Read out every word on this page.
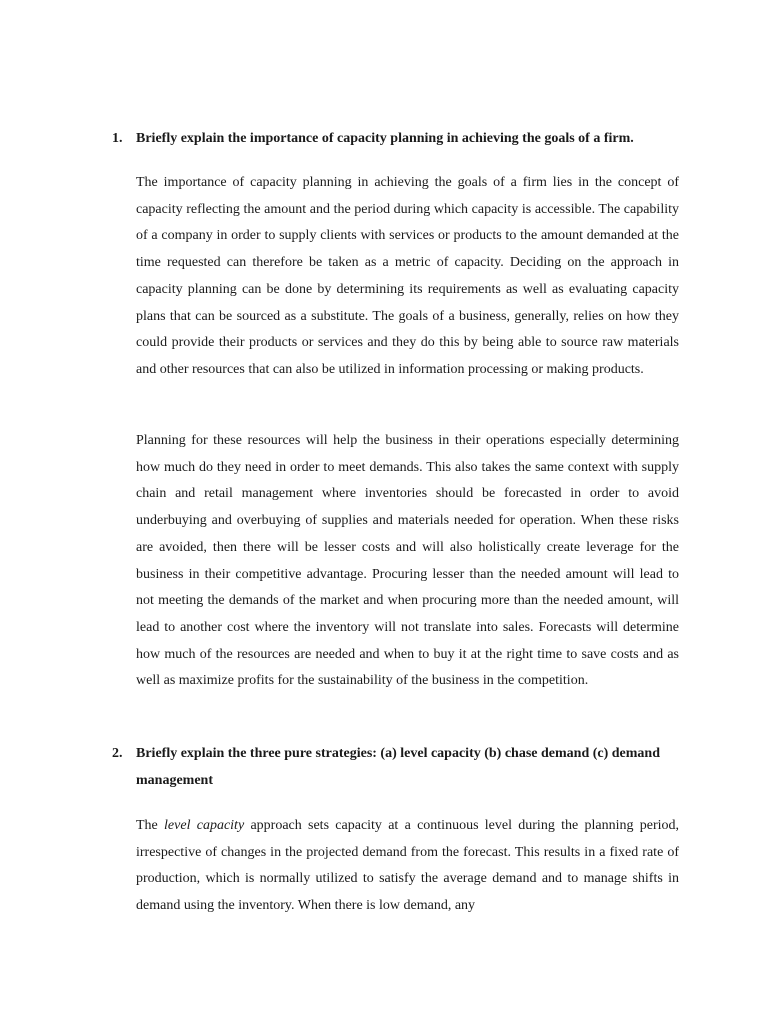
1. Briefly explain the importance of capacity planning in achieving the goals of a firm.

The importance of capacity planning in achieving the goals of a firm lies in the concept of capacity reflecting the amount and the period during which capacity is accessible. The capability of a company in order to supply clients with services or products to the amount demanded at the time requested can therefore be taken as a metric of capacity. Deciding on the approach in capacity planning can be done by determining its requirements as well as evaluating capacity plans that can be sourced as a substitute. The goals of a business, generally, relies on how they could provide their products or services and they do this by being able to source raw materials and other resources that can also be utilized in information processing or making products.

Planning for these resources will help the business in their operations especially determining how much do they need in order to meet demands. This also takes the same context with supply chain and retail management where inventories should be forecasted in order to avoid underbuying and overbuying of supplies and materials needed for operation. When these risks are avoided, then there will be lesser costs and will also holistically create leverage for the business in their competitive advantage. Procuring lesser than the needed amount will lead to not meeting the demands of the market and when procuring more than the needed amount, will lead to another cost where the inventory will not translate into sales. Forecasts will determine how much of the resources are needed and when to buy it at the right time to save costs and as well as maximize profits for the sustainability of the business in the competition.

2. Briefly explain the three pure strategies: (a) level capacity (b) chase demand (c) demand management

The level capacity approach sets capacity at a continuous level during the planning period, irrespective of changes in the projected demand from the forecast. This results in a fixed rate of production, which is normally utilized to satisfy the average demand and to manage shifts in demand using the inventory. When there is low demand, any
